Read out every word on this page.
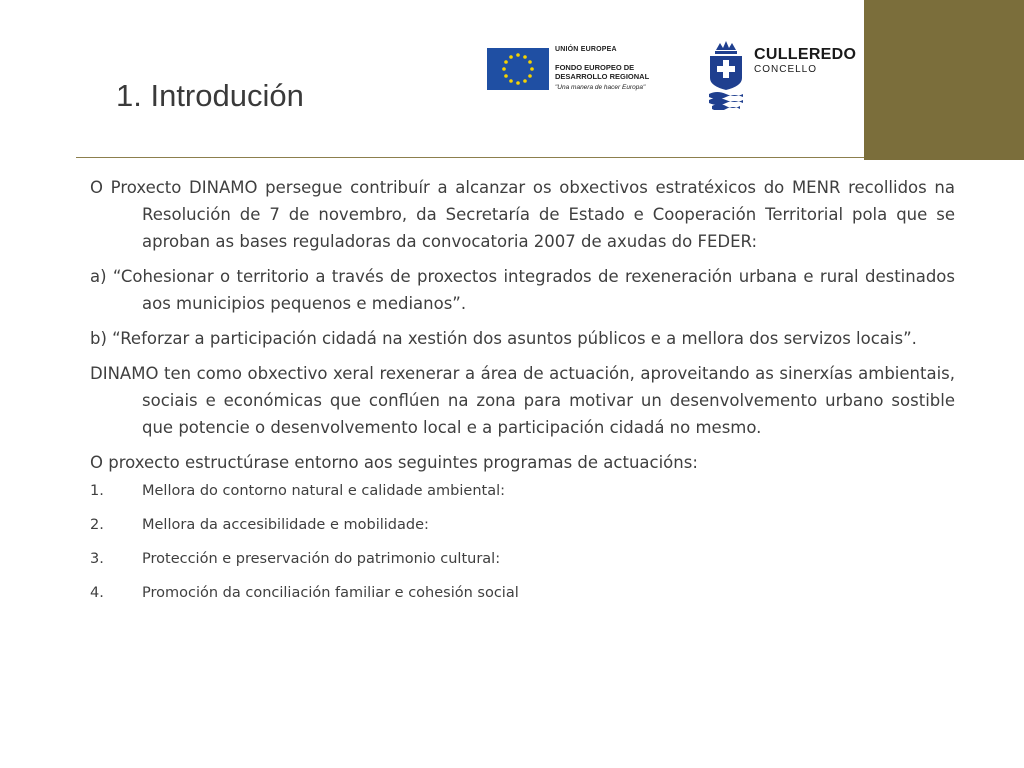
UNIÓN EUROPEA
FONDO EUROPEO DE
DESARROLLO REGIONAL
"Una manera de hacer Europa"
CULLEREDO
CONCELLO
1. Introdución

O Proxecto DINAMO persegue contribuír a alcanzar os obxectivos estratéxicos do MENR recollidos na Resolución de 7 de novembro, da Secretaría de Estado e Cooperación Territorial pola que se aproban as bases reguladoras da convocatoria 2007 de axudas do FEDER:

a) “Cohesionar o territorio a través de proxectos integrados de rexeneración urbana e rural destinados aos municipios pequenos e medianos”.

b) “Reforzar a participación cidadá na xestión dos asuntos públicos e a mellora dos servizos locais”.

DINAMO ten como obxectivo xeral rexenerar a área de actuación, aproveitando as sinerxías ambientais, sociais e económicas que conflúen na zona para motivar un desenvolvemento urbano sostible que potencie o desenvolvemento local e a participación cidadá no mesmo.

O proxecto estructúrase entorno aos seguintes programas de actuacións:

1.	Mellora do contorno natural e calidade ambiental:
2.	Mellora da accesibilidade e mobilidade:
3.	Protección e preservación do patrimonio cultural:
4.	Promoción da conciliación familiar e cohesión social
